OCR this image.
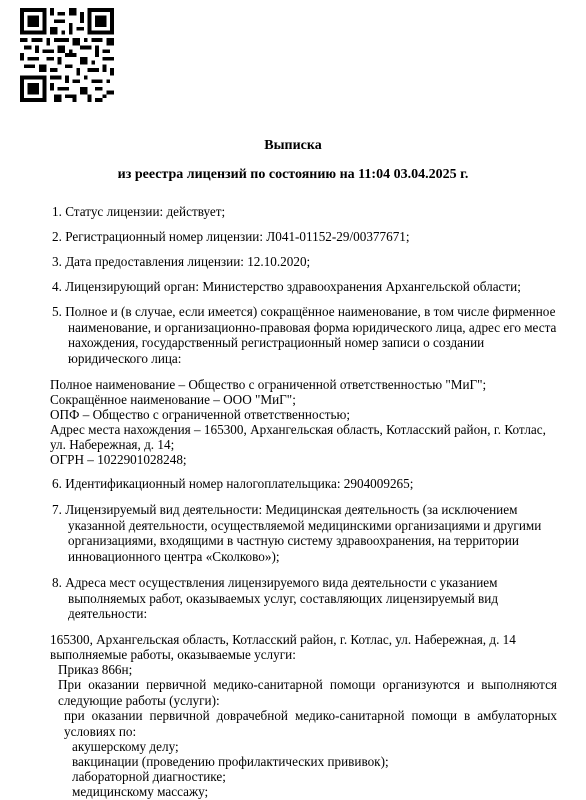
Выписка
из реестра лицензий по состоянию на 11:04 03.04.2025 г.
1. Статус лицензии: действует;
2. Регистрационный номер лицензии: Л041-01152-29/00377671;
3. Дата предоставления лицензии: 12.10.2020;
4. Лицензирующий орган: Министерство здравоохранения Архангельской области;
5. Полное и (в случае, если имеется) сокращённое наименование, в том числе фирменное
наименование, и организационно-правовая форма юридического лица, адрес его места нахождения, государственный регистрационный номер записи о создании юридического лица:
Полное наименование – Общество с ограниченной ответственностью "МиГ";
Сокращённое наименование – ООО "МиГ";
ОПФ – Общество с ограниченной ответственностью;
Адрес места нахождения – 165300, Архангельская область, Котласский район, г. Котлас,
ул. Набережная, д. 14;
ОГРН – 1022901028248;
6. Идентификационный номер налогоплательщика: 2904009265;
7. Лицензируемый вид деятельности: Медицинская деятельность (за исключением
указанной деятельности, осуществляемой медицинскими организациями и другими организациями, входящими в частную систему здравоохранения, на территории инновационного центра «Сколково»);
8. Адреса мест осуществления лицензируемого вида деятельности с указанием
выполняемых работ, оказываемых услуг, составляющих лицензируемый вид деятельности:
165300, Архангельская область, Котласский район, г. Котлас, ул. Набережная, д. 14
выполняемые работы, оказываемые услуги:
Приказ 866н;
При оказании первичной медико-санитарной помощи организуются и выполняются следующие работы (услуги):
при оказании первичной доврачебной медико-санитарной помощи в амбулаторных условиях по:
акушерскому делу;
вакцинации (проведению профилактических прививок);
лабораторной диагностике;
медицинскому массажу;
